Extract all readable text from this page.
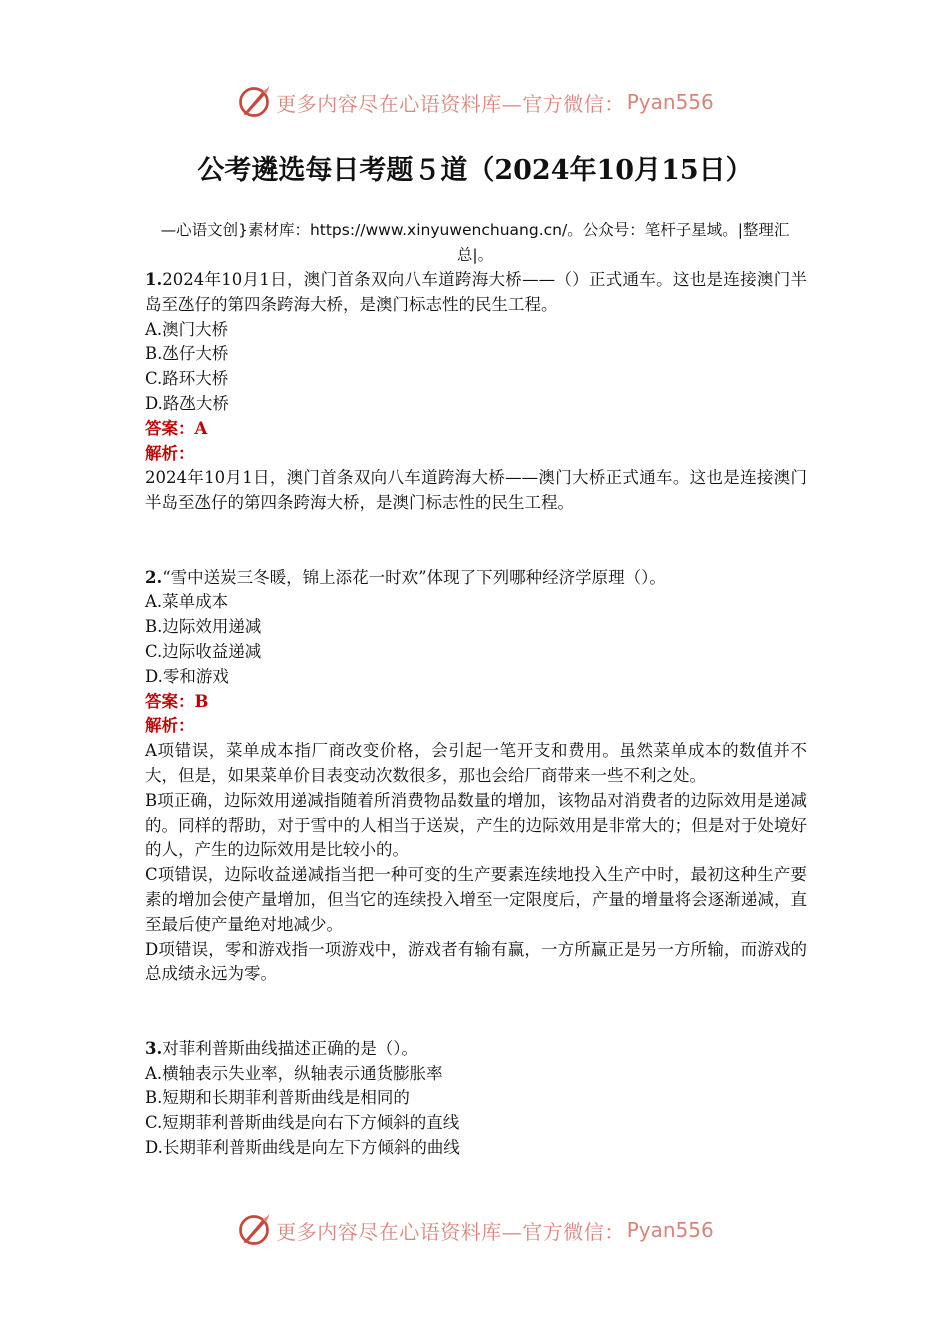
更多内容尽在心语资料库—官方微信： Pyan556
公考遴选每日考题５道（2024年10月15日）
—心语文创}素材库：https://www.xinyuwenchuang.cn/。公众号：笔杆子星域。|整理汇总|。

1.2024年10月1日，澳门首条双向八车道跨海大桥——（）正式通车。这也是连接澳门半岛至氹仔的第四条跨海大桥，是澳门标志性的民生工程。

A.澳门大桥

B.氹仔大桥

C.路环大桥

D.路氹大桥

答案：A

解析：

2024年10月1日，澳门首条双向八车道跨海大桥——澳门大桥正式通车。这也是连接澳门半岛至氹仔的第四条跨海大桥，是澳门标志性的民生工程。

2.“雪中送炭三冬暖，锦上添花一时欢”体现了下列哪种经济学原理（）。

A.菜单成本

B.边际效用递减

C.边际收益递减

D.零和游戏

答案：B

解析：

A项错误，菜单成本指厂商改变价格，会引起一笔开支和费用。虽然菜单成本的数值并不大，但是，如果菜单价目表变动次数很多，那也会给厂商带来一些不利之处。

B项正确，边际效用递减指随着所消费物品数量的增加，该物品对消费者的边际效用是递减的。同样的帮助，对于雪中的人相当于送炭，产生的边际效用是非常大的；但是对于处境好的人，产生的边际效用是比较小的。

C项错误，边际收益递减指当把一种可变的生产要素连续地投入生产中时，最初这种生产要素的增加会使产量增加，但当它的连续投入增至一定限度后，产量的增量将会逐渐递减，直至最后使产量绝对地减少。

D项错误，零和游戏指一项游戏中，游戏者有输有赢，一方所赢正是另一方所输，而游戏的总成绩永远为零。

3.对菲利普斯曲线描述正确的是（）。

A.横轴表示失业率，纵轴表示通货膨胀率

B.短期和长期菲利普斯曲线是相同的

C.短期菲利普斯曲线是向右下方倾斜的直线

D.长期菲利普斯曲线是向左下方倾斜的曲线

更多内容尽在心语资料库—官方微信： Pyan556
